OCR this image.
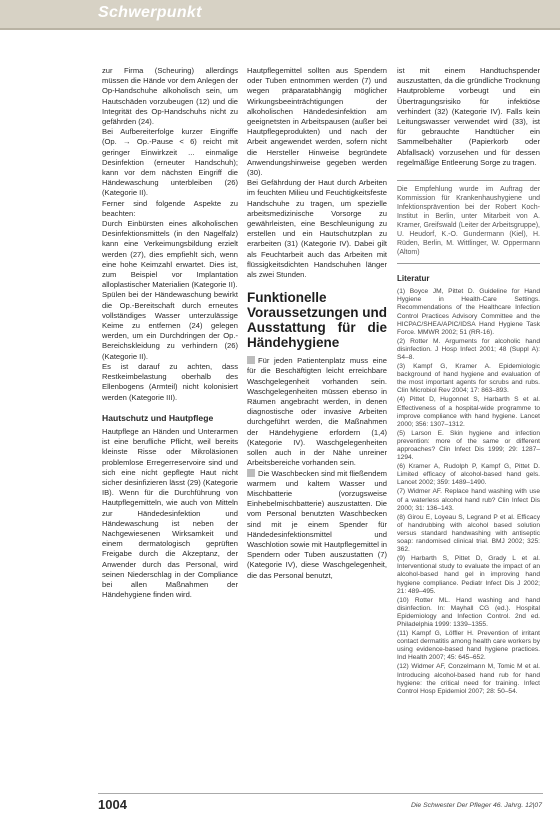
Schwerpunkt

zur Firma (Scheuring) allerdings müssen die Hände vor dem Anlegen der Op-Handschuhe alkoholisch sein, um Hautschäden vorzubeugen (12) und die Integrität des Op-Handschuhs nicht zu gefährden (24).

Bei Aufbereiterfolge kurzer Eingriffe (Op. → Op.-Pause < 6) reicht mit geringer Einwirkzeit ... einmalige Desinfektion (erneuter Handschuh); kann vor dem nächsten Eingriff die Händewaschung unterbleiben (26) (Kategorie II).

Ferner sind folgende Aspekte zu beachten:

Durch Einbürsten eines alkoholischen Desinfektionsmittels (in den Nagelfalz) kann eine Verkeimungsbildung erzielt werden (27), dies empfiehlt sich, wenn eine hohe Keimzahl erwartet. Dies ist, zum Beispiel vor Implantation alloplastischer Materialien (Kategorie II).

Spülen bei der Händewaschung bewirkt die Op.-Bereitschaft durch erneutes vollständiges Wasser unterzulässige Keime zu entfernen (24) gelegen werden, um ein Durchdringen der Op.-Bereichskleidung zu verhindern (26) (Kategorie II).

Es ist darauf zu achten, dass Restkeimbelastung oberhalb des Ellenbogens (Armteil) nicht kolonisiert werden (Kategorie III).

Hautschutz und Hautpflege

Hautpflege an Händen und Unterarmen ist eine berufliche Pflicht, weil bereits kleinste Risse oder Mikroläsionen problemlose Erregerreservoire sind und sich eine nicht gepflegte Haut nicht sicher desinfizieren lässt (29) (Kategorie IB). Wenn für die Durchführung von Hautpflegemitteln, wie auch von Mitteln zur Händedesinfektion und Händewaschung ist neben der Nachgewiesenen Wirksamkeit und einem dermatologisch geprüften Freigabe durch die Akzeptanz, der Anwender durch das Personal, wird seinen Niederschlag in der Compliance bei allen Maßnahmen der Händehygiene finden wird.

Hautpflegemittel sollten aus Spendern oder Tuben entnommen werden (7) und wegen präparatabhängig möglicher Wirkungsbeeinträchtigungen der alkoholischen Händedesinfektion am geeignetsten in Arbeitspausen (außer bei Hautpflegeprodukten) und nach der Arbeit angewendet werden, sofern nicht die Hersteller Hinweise begründete Anwendungshinweise gegeben werden (30).

Bei Gefährdung der Haut durch Arbeiten im feuchten Milieu und Feuchtigkeitsfeste Handschuhe zu tragen, um spezielle arbeitsmedizinische Vorsorge zu gewährleisten, eine Beschleunigung zu erstellen und ein Hautschutzplan zu erarbeiten (31) (Kategorie IV). Dabei gilt als Feuchtarbeit auch das Arbeiten mit flüssigkeitsdichten Handschuhen länger als zwei Stunden.

Funktionelle Voraussetzungen und Ausstattung für die Händehygiene

Für jeden Patientenplatz muss eine für die Beschäftigten leicht erreichbare Waschgelegenheit vorhanden sein. Waschgelegenheiten müssen ebenso in Räumen angebracht werden, in denen diagnostische oder invasive Arbeiten durchgeführt werden, die Maßnahmen der Händehygiene erfordern (1,4) (Kategorie IV). Waschgelegenheiten sollen auch in der Nähe unreiner Arbeitsbereiche vorhanden sein.

Die Waschbecken sind mit fließendem warmem und kaltem Wasser und Mischbatterie (vorzugsweise Einhebelmischbatterie) auszustatten. Die vom Personal benutzten Waschbecken sind mit je einem Spender für Händedesinfektionsmittel und Waschlotion sowie mit Hautpflegemittel in Spendern oder Tuben auszustatten (7) (Kategorie IV), diese Waschgelegenheit, die das Personal benutzt,

ist mit einem Handtuchspender auszustatten, da die gründliche Trocknung Hautprobleme vorbeugt und ein Übertragungsrisiko für infektiöse verhindert (32) (Kategorie IV). Falls kein Leitungswasser verwendet wird (33), ist für gebrauchte Handtücher ein Sammelbehälter (Papierkorb oder Abfallsack) vorzusehen und für dessen regelmäßige Entleerung Sorge zu tragen.

Die Empfehlung wurde im Auftrag der Kommission für Krankenhaushygiene und Infektionsprävention bei der Robert Koch-Institut in Berlin, unter Mitarbeit von A. Kramer, Greifswald (Leiter der Arbeitsgruppe), U. Heudorf, K.-O. Gundermann (Kiel), H. Rüden, Berlin, M. Wittlinger, W. Oppermann (Altom)

Literatur

(1) Boyce JM, Pittet D. Guideline for Hand Hygiene in Health-Care Settings. Recommendations of the Healthcare Infection Control Practices Advisory Committee and the HICPAC/SHEA/APIC/IDSA Hand Hygiene Task Force. MMWR 2002; 51 (RR-16).

(2) Rotter M. Arguments for alcoholic hand disinfection. J Hosp Infect 2001; 48 (Suppl A): S4–8.

(3) Kampf G, Kramer A. Epidemiologic background of hand hygiene and evaluation of the most important agents for scrubs and rubs. Clin Microbiol Rev 2004; 17: 863–893.

(4) Pittet D, Hugonnet S, Harbarth S et al. Effectiveness of a hospital-wide programme to improve compliance with hand hygiene. Lancet 2000; 356: 1307–1312.

(5) Larson E. Skin hygiene and infection prevention: more of the same or different approaches? Clin Infect Dis 1999; 29: 1287–1294.

(6) Kramer A, Rudolph P, Kampf G, Pittet D. Limited efficacy of alcohol-based hand gels. Lancet 2002; 359: 1489–1490.

(7) Widmer AF. Replace hand washing with use of a waterless alcohol hand rub? Clin Infect Dis 2000; 31: 136–143.

(8) Girou E, Loyeau S, Legrand P et al. Efficacy of handrubbing with alcohol based solution versus standard handwashing with antiseptic soap: randomised clinical trial. BMJ 2002; 325: 362.

(9) Harbarth S, Pittet D, Grady L et al. Interventional study to evaluate the impact of an alcohol-based hand gel in improving hand hygiene compliance. Pediatr Infect Dis J 2002; 21: 489–495.

(10) Rotter ML. Hand washing and hand disinfection. In: Mayhall CG (ed.). Hospital Epidemiology and Infection Control. 2nd ed. Philadelphia 1999: 1339–1355.

(11) Kampf G, Löffler H. Prevention of irritant contact dermatitis among health care workers by using evidence-based hand hygiene practices. Ind Health 2007; 45: 645–652.

(12) Widmer AF, Conzelmann M, Tomic M et al. Introducing alcohol-based hand rub for hand hygiene: the critical need for training. Infect Control Hosp Epidemiol 2007; 28: 50–54.

1004	Die Schwester Der Pfleger 46. Jahrg. 12|07
